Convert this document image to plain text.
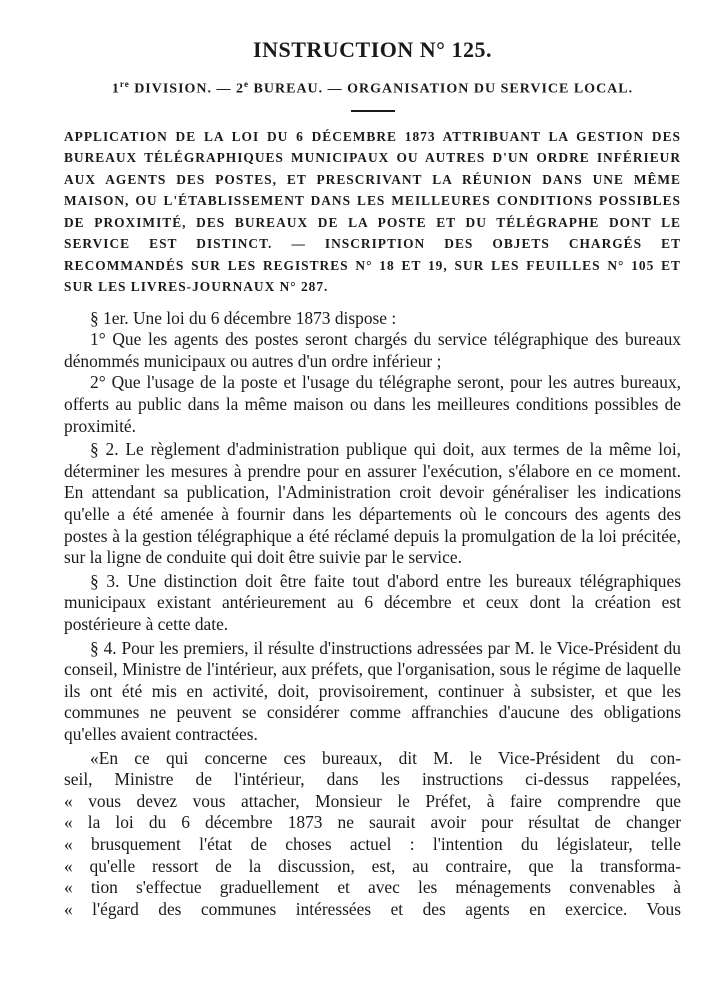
INSTRUCTION N° 125.

1re DIVISION. — 2e BUREAU. — ORGANISATION DU SERVICE LOCAL.

APPLICATION DE LA LOI DU 6 DÉCEMBRE 1873 ATTRIBUANT LA GESTION DES BUREAUX TÉLÉGRAPHIQUES MUNICIPAUX OU AUTRES D'UN ORDRE INFÉRIEUR AUX AGENTS DES POSTES, ET PRESCRIVANT LA RÉUNION DANS UNE MÊME MAISON, OU L'ÉTABLISSEMENT DANS LES MEILLEURES CONDITIONS POSSIBLES DE PROXIMITÉ, DES BUREAUX DE LA POSTE ET DU TÉLÉGRAPHE DONT LE SERVICE EST DISTINCT. — INSCRIPTION DES OBJETS CHARGÉS ET RECOMMANDÉS SUR LES REGISTRES N° 18 ET 19, SUR LES FEUILLES N° 105 ET SUR LES LIVRES-JOURNAUX N° 287.

§ 1er. Une loi du 6 décembre 1873 dispose :

1° Que les agents des postes seront chargés du service télégraphique des bureaux dénommés municipaux ou autres d'un ordre inférieur ;

2° Que l'usage de la poste et l'usage du télégraphe seront, pour les autres bureaux, offerts au public dans la même maison ou dans les meilleures conditions possibles de proximité.

§ 2. Le règlement d'administration publique qui doit, aux termes de la même loi, déterminer les mesures à prendre pour en assurer l'exécution, s'élabore en ce moment. En attendant sa publication, l'Administration croit devoir généraliser les indications qu'elle a été amenée à fournir dans les départements où le concours des agents des postes à la gestion télégraphique a été réclamé depuis la promulgation de la loi précitée, sur la ligne de conduite qui doit être suivie par le service.

§ 3. Une distinction doit être faite tout d'abord entre les bureaux télégraphiques municipaux existant antérieurement au 6 décembre et ceux dont la création est postérieure à cette date.

§ 4. Pour les premiers, il résulte d'instructions adressées par M. le Vice-Président du conseil, Ministre de l'intérieur, aux préfets, que l'organisation, sous le régime de laquelle ils ont été mis en activité, doit, provisoirement, continuer à subsister, et que les communes ne peuvent se considérer comme affranchies d'aucune des obligations qu'elles avaient contractées.

«En ce qui concerne ces bureaux, dit M. le Vice-Président du con-
seil, Ministre de l'intérieur, dans les instructions ci-dessus rappelées,
« vous devez vous attacher, Monsieur le Préfet, à faire comprendre que
« la loi du 6 décembre 1873 ne saurait avoir pour résultat de changer
« brusquement l'état de choses actuel : l'intention du législateur, telle
« qu'elle ressort de la discussion, est, au contraire, que la transforma-
« tion s'effectue graduellement et avec les ménagements convenables à
« l'égard des communes intéressées et des agents en exercice. Vous
